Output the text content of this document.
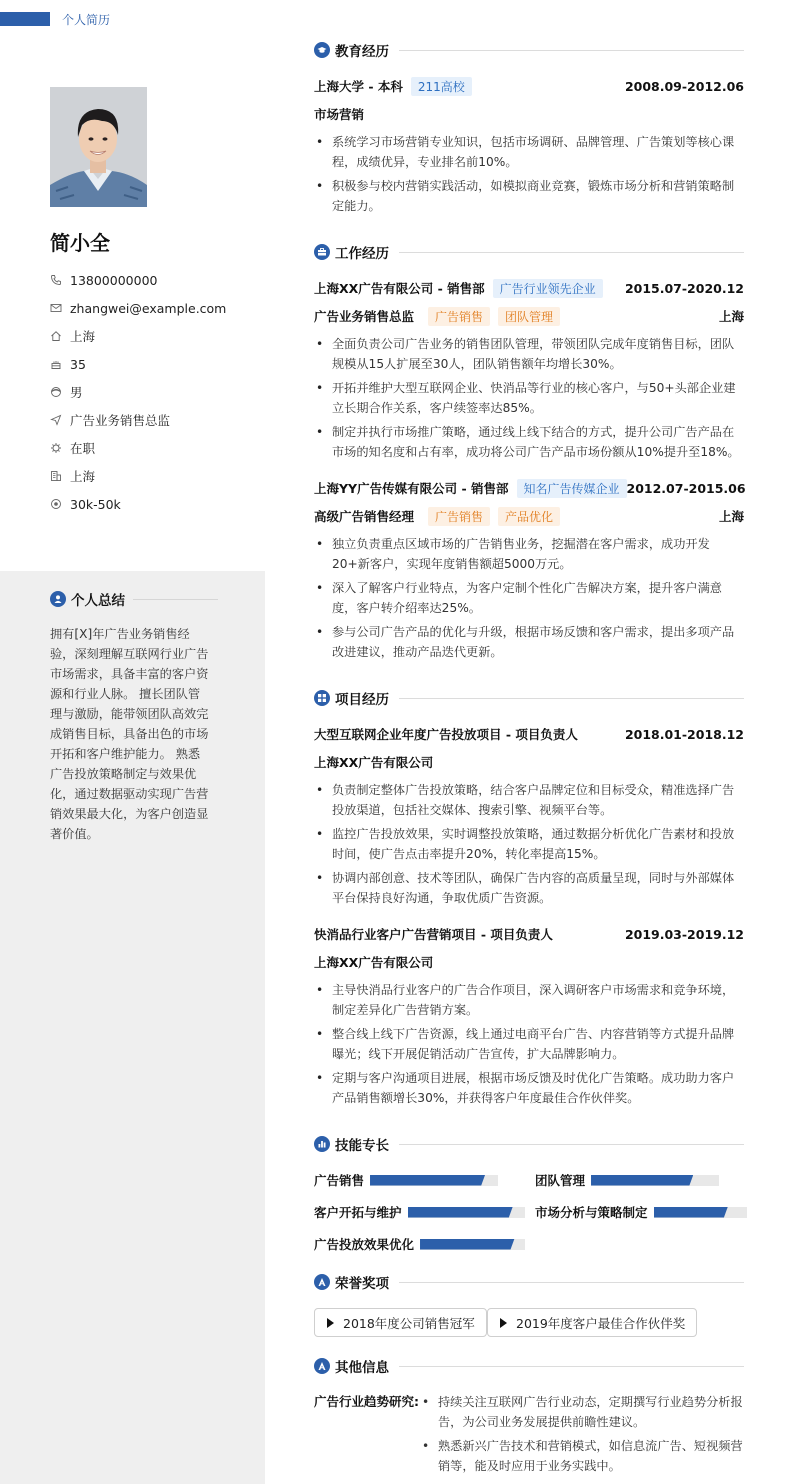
个人简历
简小全
13800000000
zhangwei@example.com
上海
35
男
广告业务销售总监
在职
上海
30k-50k
个人总结
拥有[X]年广告业务销售经验，深刻理解互联网行业广告市场需求，具备丰富的客户资源和行业人脉。 擅长团队管理与激励，能带领团队高效完成销售目标，具备出色的市场开拓和客户维护能力。 熟悉广告投放策略制定与效果优化，通过数据驱动实现广告营销效果最大化，为客户创造显著价值。
教育经历
上海大学 - 本科	211高校	2008.09-2012.06
市场营销
• 系统学习市场营销专业知识，包括市场调研、品牌管理、广告策划等核心课程，成绩优异，专业排名前10%。
• 积极参与校内营销实践活动，如模拟商业竞赛，锻炼市场分析和营销策略制定能力。
工作经历
上海XX广告有限公司 - 销售部	广告行业领先企业	2015.07-2020.12
广告业务销售总监	广告销售	团队管理	上海
• 全面负责公司广告业务的销售团队管理，带领团队完成年度销售目标，团队规模从15人扩展至30人，团队销售额年均增长30%。
• 开拓并维护大型互联网企业、快消品等行业的核心客户，与50+头部企业建立长期合作关系，客户续签率达85%。
• 制定并执行市场推广策略，通过线上线下结合的方式，提升公司广告产品在市场的知名度和占有率，成功将公司广告产品市场份额从10%提升至18%。
上海YY广告传媒有限公司 - 销售部	知名广告传媒企业 2012.07-2015.06
高级广告销售经理	广告销售	产品优化	上海
• 独立负责重点区域市场的广告销售业务，挖掘潜在客户需求，成功开发20+新客户，实现年度销售额超5000万元。
• 深入了解客户行业特点，为客户定制个性化广告解决方案，提升客户满意度，客户转介绍率达25%。
• 参与公司广告产品的优化与升级，根据市场反馈和客户需求，提出多项产品改进建议，推动产品迭代更新。
项目经历
大型互联网企业年度广告投放项目 - 项目负责人	2018.01-2018.12
上海XX广告有限公司
• 负责制定整体广告投放策略，结合客户品牌定位和目标受众，精准选择广告投放渠道，包括社交媒体、搜索引擎、视频平台等。
• 监控广告投放效果，实时调整投放策略，通过数据分析优化广告素材和投放时间，使广告点击率提升20%，转化率提高15%。
• 协调内部创意、技术等团队，确保广告内容的高质量呈现，同时与外部媒体平台保持良好沟通，争取优质广告资源。
快消品行业客户广告营销项目 - 项目负责人	2019.03-2019.12
上海XX广告有限公司
• 主导快消品行业客户的广告合作项目，深入调研客户市场需求和竞争环境，制定差异化广告营销方案。
• 整合线上线下广告资源，线上通过电商平台广告、内容营销等方式提升品牌曝光；线下开展促销活动广告宣传，扩大品牌影响力。
• 定期与客户沟通项目进展，根据市场反馈及时优化广告策略。成功助力客户产品销售额增长30%，并获得客户年度最佳合作伙伴奖。
技能专长
广告销售	团队管理
客户开拓与维护	市场分析与策略制定
广告投放效果优化
荣誉奖项
2018年度公司销售冠军	2019年度客户最佳合作伙伴奖
其他信息
广告行业趋势研究:
•	持续关注互联网广告行业动态，定期撰写行业趋势分析报告，为公司业务发展提供前瞻性建议。
• 熟悉新兴广告技术和营销模式，如信息流广告、短视频营销等，能及时应用于业务实践中。
